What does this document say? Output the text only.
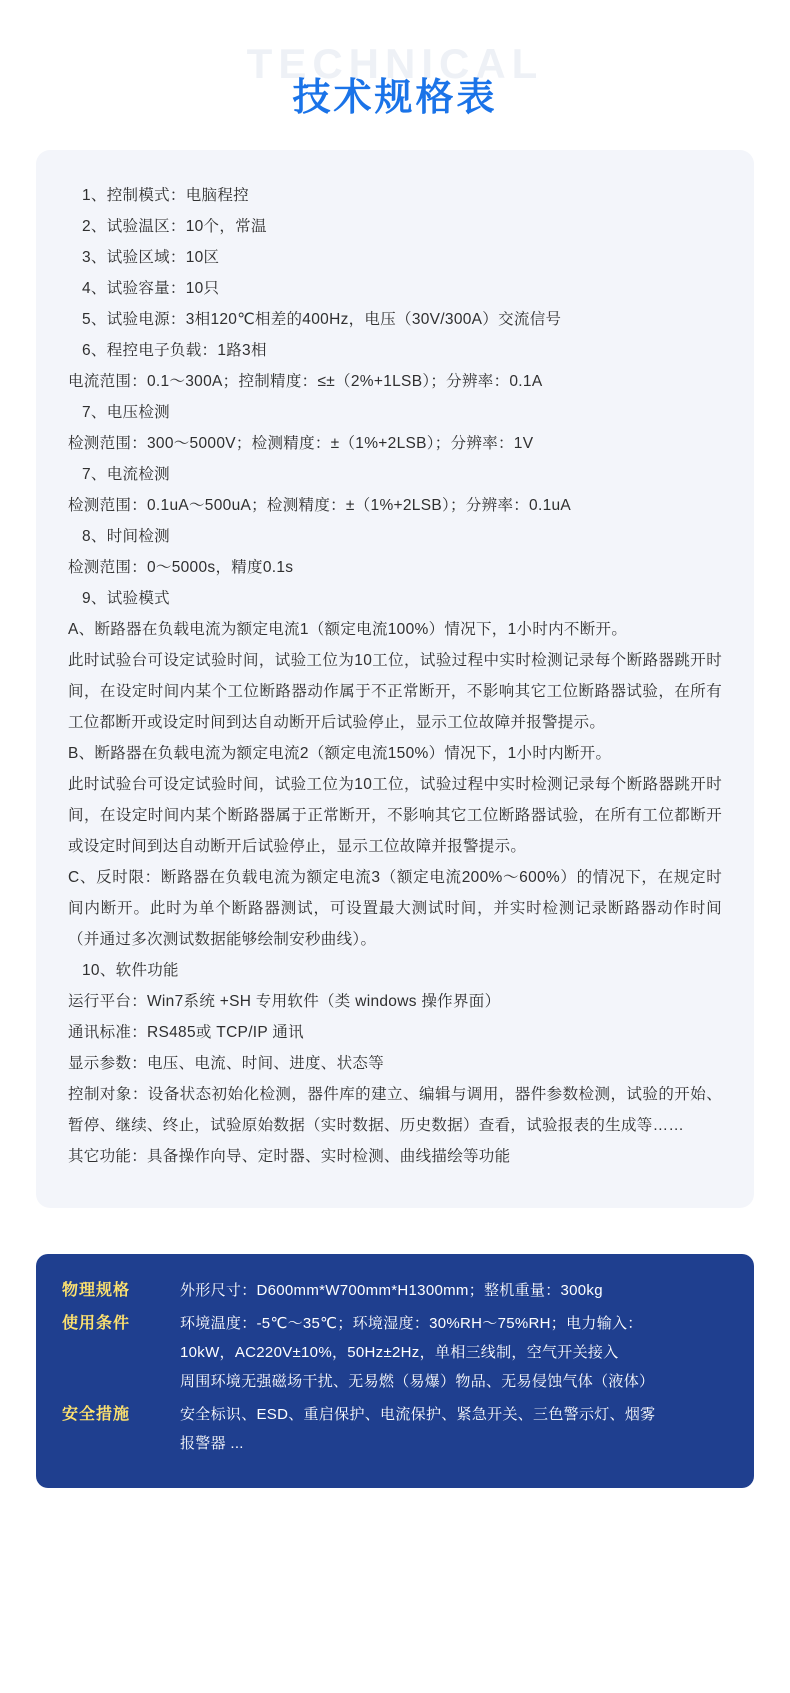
TECHNICAL
技术规格表
1、控制模式：电脑程控
2、试验温区：10个，常温
3、试验区域：10区
4、试验容量：10只
5、试验电源：3相120℃相差的400Hz，电压（30V/300A）交流信号
6、程控电子负载：1路3相
电流范围：0.1～300A；控制精度：≤±（2%+1LSB）；分辨率：0.1A
7、电压检测
检测范围：300～5000V；检测精度：±（1%+2LSB）；分辨率：1V
7、电流检测
检测范围：0.1uA～500uA；检测精度：±（1%+2LSB）；分辨率：0.1uA
8、时间检测
检测范围：0～5000s，精度0.1s
9、试验模式
A、断路器在负载电流为额定电流1（额定电流100%）情况下，1小时内不断开。
此时试验台可设定试验时间，试验工位为10工位，试验过程中实时检测记录每个断路器跳开时间，在设定时间内某个工位断路器动作属于不正常断开，不影响其它工位断路器试验，在所有工位都断开或设定时间到达自动断开后试验停止，显示工位故障并报警提示。
B、断路器在负载电流为额定电流2（额定电流150%）情况下，1小时内断开。
此时试验台可设定试验时间，试验工位为10工位，试验过程中实时检测记录每个断路器跳开时间，在设定时间内某个断路器属于正常断开，不影响其它工位断路器试验，在所有工位都断开或设定时间到达自动断开后试验停止，显示工位故障并报警提示。
C、反时限：断路器在负载电流为额定电流3（额定电流200%～600%）的情况下，在规定时间内断开。此时为单个断路器测试，可设置最大测试时间，并实时检测记录断路器动作时间（并通过多次测试数据能够绘制安秒曲线）。
10、软件功能
运行平台：Win7系统 +SH 专用软件（类 windows 操作界面）
通讯标准：RS485或 TCP/IP 通讯
显示参数：电压、电流、时间、进度、状态等
控制对象：设备状态初始化检测，器件库的建立、编辑与调用，器件参数检测，试验的开始、暂停、继续、终止，试验原始数据（实时数据、历史数据）查看，试验报表的生成等……
其它功能：具备操作向导、定时器、实时检测、曲线描绘等功能
物理规格	外形尺寸：D600mm*W700mm*H1300mm；整机重量：300kg
使用条件	环境温度：-5℃～35℃；环境湿度：30%RH～75%RH；电力输入：
10kW，AC220V±10%，50Hz±2Hz，单相三线制，空气开关接入
周围环境无强磁场干扰、无易燃（易爆）物品、无易侵蚀气体（液体）
安全措施	安全标识、ESD、重启保护、电流保护、紧急开关、三色警示灯、烟雾
报警器 ...
